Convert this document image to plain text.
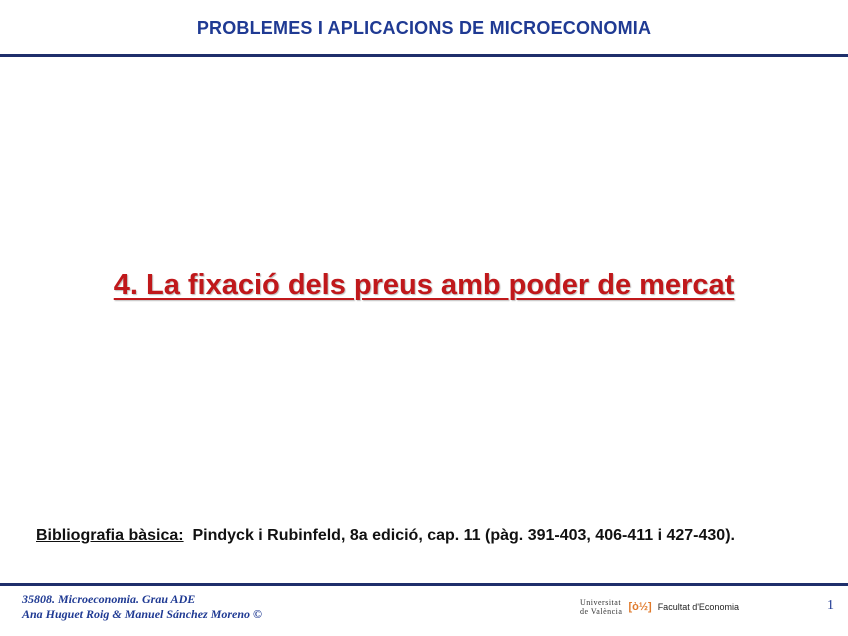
PROBLEMES I APLICACIONS DE MICROECONOMIA
4. La fixació dels preus amb poder de mercat
Bibliografia bàsica: Pindyck i Rubinfeld, 8a edició, cap. 11 (pàg. 391-403, 406-411 i 427-430).
35808. Microeconomia. Grau ADE
Ana Huguet Roig & Manuel Sánchez Moreno ©
Universitat
de València [ὸ½] Facultat d'Economia	1
